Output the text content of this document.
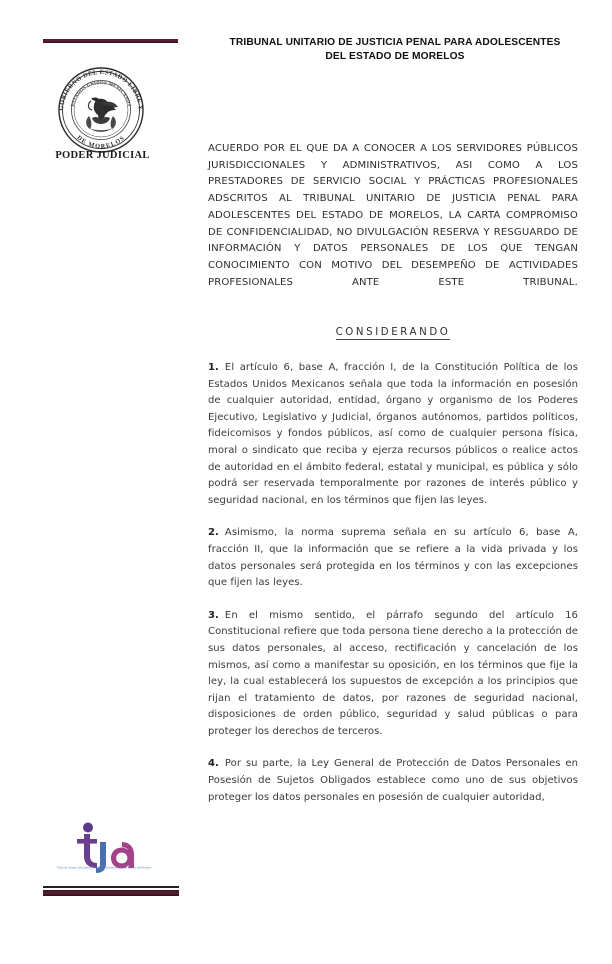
GOBIERNO DEL ESTADO LIBRE Y
DE MORELOS
ESTADOS UNIDOS MEXICANOS
PODER JUDICIAL
Tribunal Unitario de Justicia Penal para Adolescentes del Estado de Morelos
TRIBUNAL UNITARIO DE JUSTICIA PENAL PARA ADOLESCENTES DEL ESTADO DE MORELOS
ACUERDO POR EL QUE DA A CONOCER A LOS SERVIDORES PÚBLICOS JURISDICCIONALES Y ADMINISTRATIVOS, ASI COMO A LOS PRESTADORES DE SERVICIO SOCIAL Y PRÁCTICAS PROFESIONALES ADSCRITOS AL TRIBUNAL UNITARIO DE JUSTICIA PENAL PARA ADOLESCENTES DEL ESTADO DE MORELOS, LA CARTA COMPROMISO DE CONFIDENCIALIDAD, NO DIVULGACIÓN RESERVA Y RESGUARDO DE INFORMACIÓN Y DATOS PERSONALES DE LOS QUE TENGAN CONOCIMIENTO CON MOTIVO DEL DESEMPEÑO DE ACTIVIDADES PROFESIONALES ANTE ESTE TRIBUNAL.
CONSIDERANDO

1. El artículo 6, base A, fracción I, de la Constitución Política de los Estados Unidos Mexicanos señala que toda la información en posesión de cualquier autoridad, entidad, órgano y organismo de los Poderes Ejecutivo, Legislativo y Judicial, órganos autónomos, partidos políticos, fideicomisos y fondos públicos, así como de cualquier persona física, moral o sindicato que reciba y ejerza recursos públicos o realice actos de autoridad en el ámbito federal, estatal y municipal, es pública y sólo podrá ser reservada temporalmente por razones de interés público y seguridad nacional, en los términos que fijen las leyes.

2. Asimismo, la norma suprema señala en su artículo 6, base A, fracción II, que la información que se refiere a la vida privada y los datos personales será protegida en los términos y con las excepciones que fijen las leyes.

3. En el mismo sentido, el párrafo segundo del artículo 16 Constitucional refiere que toda persona tiene derecho a la protección de sus datos personales, al acceso, rectificación y cancelación de los mismos, así como a manifestar su oposición, en los términos que fije la ley, la cual establecerá los supuestos de excepción a los principios que rijan el tratamiento de datos, por razones de seguridad nacional, disposiciones de orden público, seguridad y salud públicas o para proteger los derechos de terceros.

4. Por su parte, la Ley General de Protección de Datos Personales en Posesión de Sujetos Obligados establece como uno de sus objetivos proteger los datos personales en posesión de cualquier autoridad,
